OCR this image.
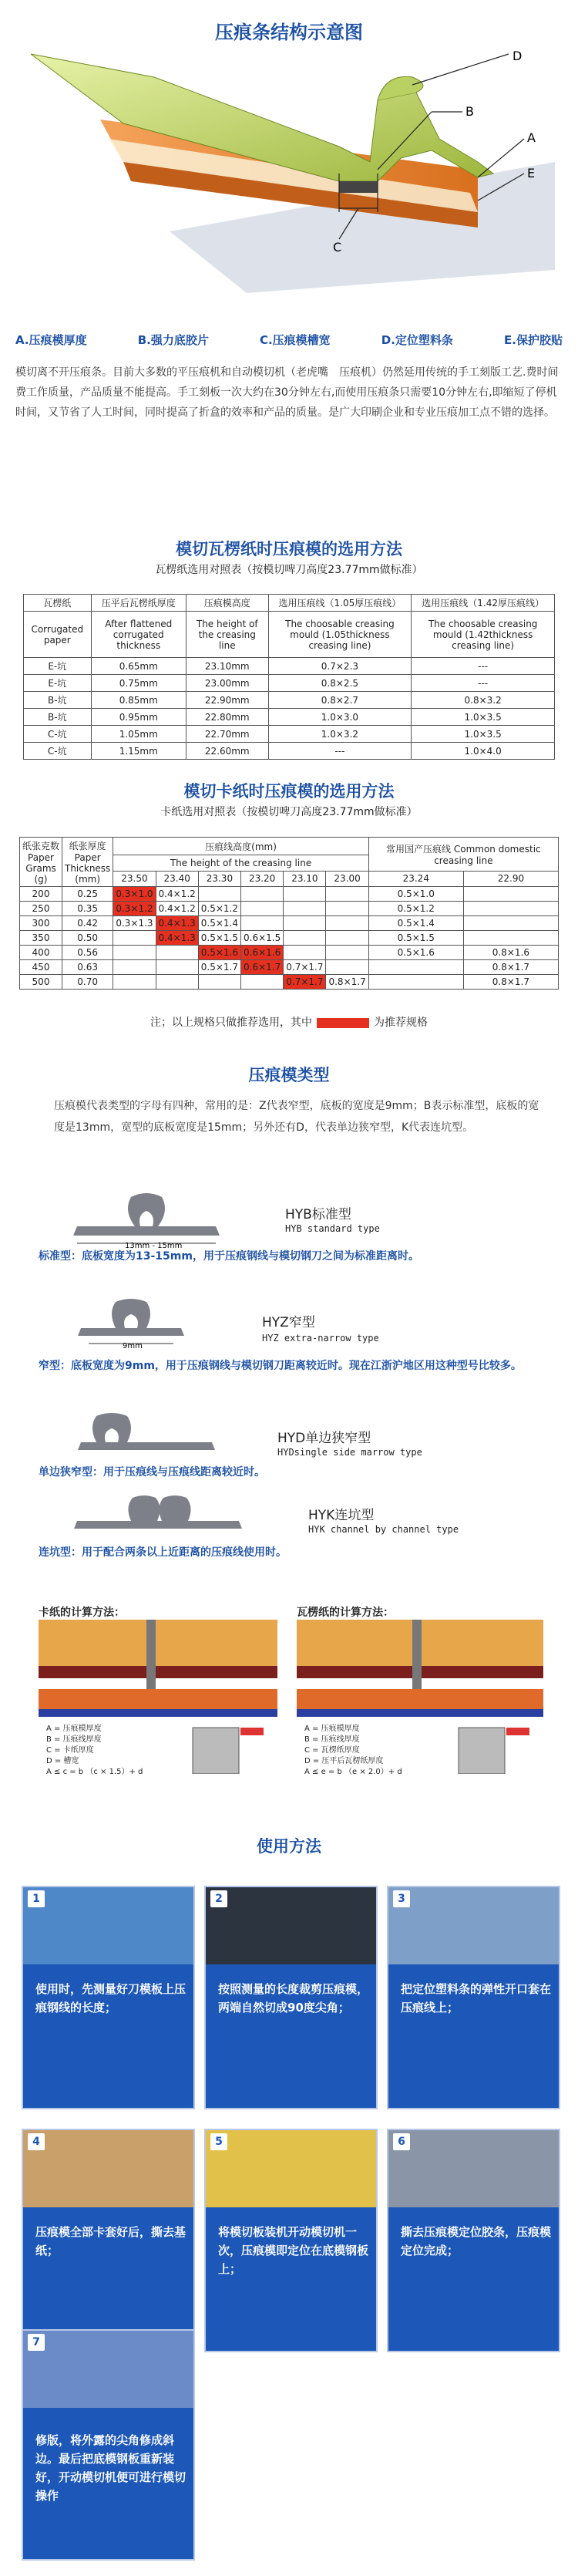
压痕条结构示意图
D
B
A
E
C
A.压痕模厚度	B.强力底胶片	C.压痕模槽宽	D.定位塑料条	E.保护胶贴
模切离不开压痕条。目前大多数的平压痕机和自动模切机（老虎嘴　压痕机）仍然延用传统的手工刻版工艺.费时间费工作质量，产品质量不能提高。手工刻板一次大约在30分钟左右,而使用压痕条只需要10分钟左右,即缩短了停机时间，又节省了人工时间，同时提高了折盒的效率和产品的质量。是广大印刷企业和专业压痕加工点不错的选择。
模切瓦楞纸时压痕模的选用方法
瓦楞纸选用对照表（按模切啤刀高度23.77mm做标准）
瓦楞纸	压平后瓦楞纸厚度	压痕模高度	选用压痕线（1.05厚压痕线）	选用压痕线（1.42厚压痕线）
Corrugated paper	After flattened corrugated thickness	The height of the creasing line	The choosable creasing mould (1.05thickness creasing line)	The choosable creasing mould (1.42thickness creasing line)
E-坑	0.65mm	23.10mm	0.7×2.3	---
E-坑	0.75mm	23.00mm	0.8×2.5	---
B-坑	0.85mm	22.90mm	0.8×2.7	0.8×3.2
B-坑	0.95mm	22.80mm	1.0×3.0	1.0×3.5
C-坑	1.05mm	22.70mm	1.0×3.2	1.0×3.5
C-坑	1.15mm	22.60mm	---	1.0×4.0
模切卡纸时压痕模的选用方法
卡纸选用对照表（按模切啤刀高度23.77mm做标准）
纸张克数 Paper Grams (g)	纸张厚度 Paper Thickness (mm)	压痕线高度(mm)						常用国产压痕线 Common domestic creasing line	
		The height of the creasing line							
		23.50	23.40	23.30	23.20	23.10	23.00	23.24	22.90
200	0.25	0.3×1.0	0.4×1.2					0.5×1.0	
250	0.35	0.3×1.2	0.4×1.2	0.5×1.2				0.5×1.2	
300	0.42	0.3×1.3	0.4×1.3	0.5×1.4				0.5×1.4	
350	0.50		0.4×1.3	0.5×1.5	0.6×1.5			0.5×1.5	
400	0.56			0.5×1.6	0.6×1.6			0.5×1.6	0.8×1.6
450	0.63			0.5×1.7	0.6×1.7	0.7×1.7			0.8×1.7
500	0.70					0.7×1.7	0.8×1.7		0.8×1.7
注；以上规格只做推荐选用，其中	为推荐规格
压痕模类型
压痕模代表类型的字母有四种，常用的是：Z代表窄型，底板的宽度是9mm；B表示标准型，底板的宽度是13mm，宽型的底板宽度是15mm；另外还有D，代表单边狭窄型，K代表连坑型。
13mm - 15mm
HYB标准型
HYB standard type
标准型：底板宽度为13-15mm，用于压痕钢线与模切钢刀之间为标准距离时。
9mm
HYZ窄型
HYZ extra-narrow type
窄型：底板宽度为9mm，用于压痕钢线与模切钢刀距离较近时。现在江浙沪地区用这种型号比较多。
HYD单边狭窄型
HYDsingle side marrow type
单边狭窄型：用于压痕线与压痕线距离较近时。
HYK连坑型
HYK channel by channel type
连坑型：用于配合两条以上近距离的压痕线使用时。
卡纸的计算方法：	瓦楞纸的计算方法：
A = 压痕模厚度
B = 压痕线厚度
C = 卡纸厚度
D = 槽宽
A ≤ c = b （c × 1.5）+ d
A = 压痕模厚度
B = 压痕线厚度
C = 瓦楞纸厚度
D = 压平后瓦楞纸厚度
A ≤ e = b （e × 2.0）+ d
使用方法
1
使用时，先测量好刀模板上压痕钢线的长度；
2
按照测量的长度裁剪压痕模，两端自然切成90度尖角；
3
把定位塑料条的弹性开口套在压痕线上；
4
压痕模全部卡套好后，撕去基纸；
5
将模切板装机开动模切机一次，压痕模即定位在底模钢板上；
6
撕去压痕模定位胶条，压痕模定位完成；
7
修版，将外露的尖角修成斜边。最后把底模钢板重新装好，开动模切机便可进行模切操作
